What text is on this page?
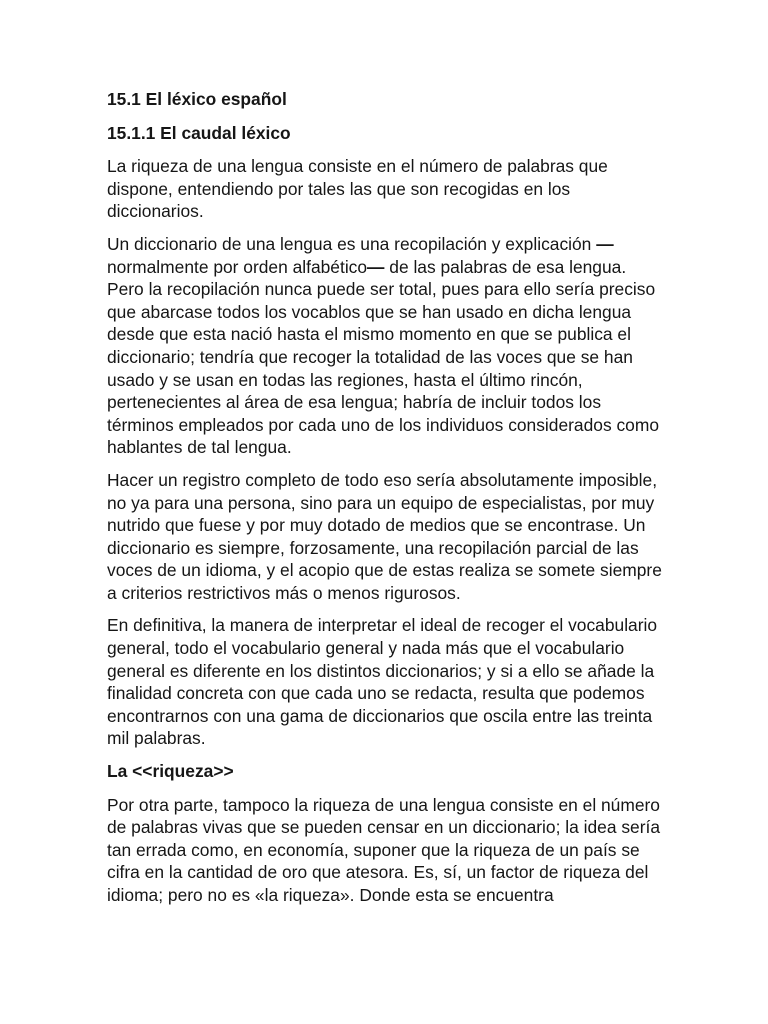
15.1 El léxico español
15.1.1 El caudal léxico

La riqueza de una lengua consiste en el número de palabras que dispone, entendiendo por tales las que son recogidas en los diccionarios.

Un diccionario de una lengua es una recopilación y explicación — normalmente por orden alfabético— de las palabras de esa lengua. Pero la recopilación nunca puede ser total, pues para ello sería preciso que abarcase todos los vocablos que se han usado en dicha lengua desde que esta nació hasta el mismo momento en que se publica el diccionario; tendría que recoger la totalidad de las voces que se han usado y se usan en todas las regiones, hasta el último rincón, pertenecientes al área de esa lengua; habría de incluir todos los términos empleados por cada uno de los individuos considerados como hablantes de tal lengua.

Hacer un registro completo de todo eso sería absolutamente imposible, no ya para una persona, sino para un equipo de especialistas, por muy nutrido que fuese y por muy dotado de medios que se encontrase. Un diccionario es siempre, forzosamente, una recopilación parcial de las voces de un idioma, y el acopio que de estas realiza se somete siempre a criterios restrictivos más o menos rigurosos.

En definitiva, la manera de interpretar el ideal de recoger el vocabulario general, todo el vocabulario general y nada más que el vocabulario general es diferente en los distintos diccionarios; y si a ello se añade la finalidad concreta con que cada uno se redacta, resulta que podemos encontrarnos con una gama de diccionarios que oscila entre las treinta mil palabras.

La <<riqueza>>

Por otra parte, tampoco la riqueza de una lengua consiste en el número de palabras vivas que se pueden censar en un diccionario; la idea sería tan errada como, en economía, suponer que la riqueza de un país se cifra en la cantidad de oro que atesora. Es, sí, un factor de riqueza del idioma; pero no es «la riqueza». Donde esta se encuentra
